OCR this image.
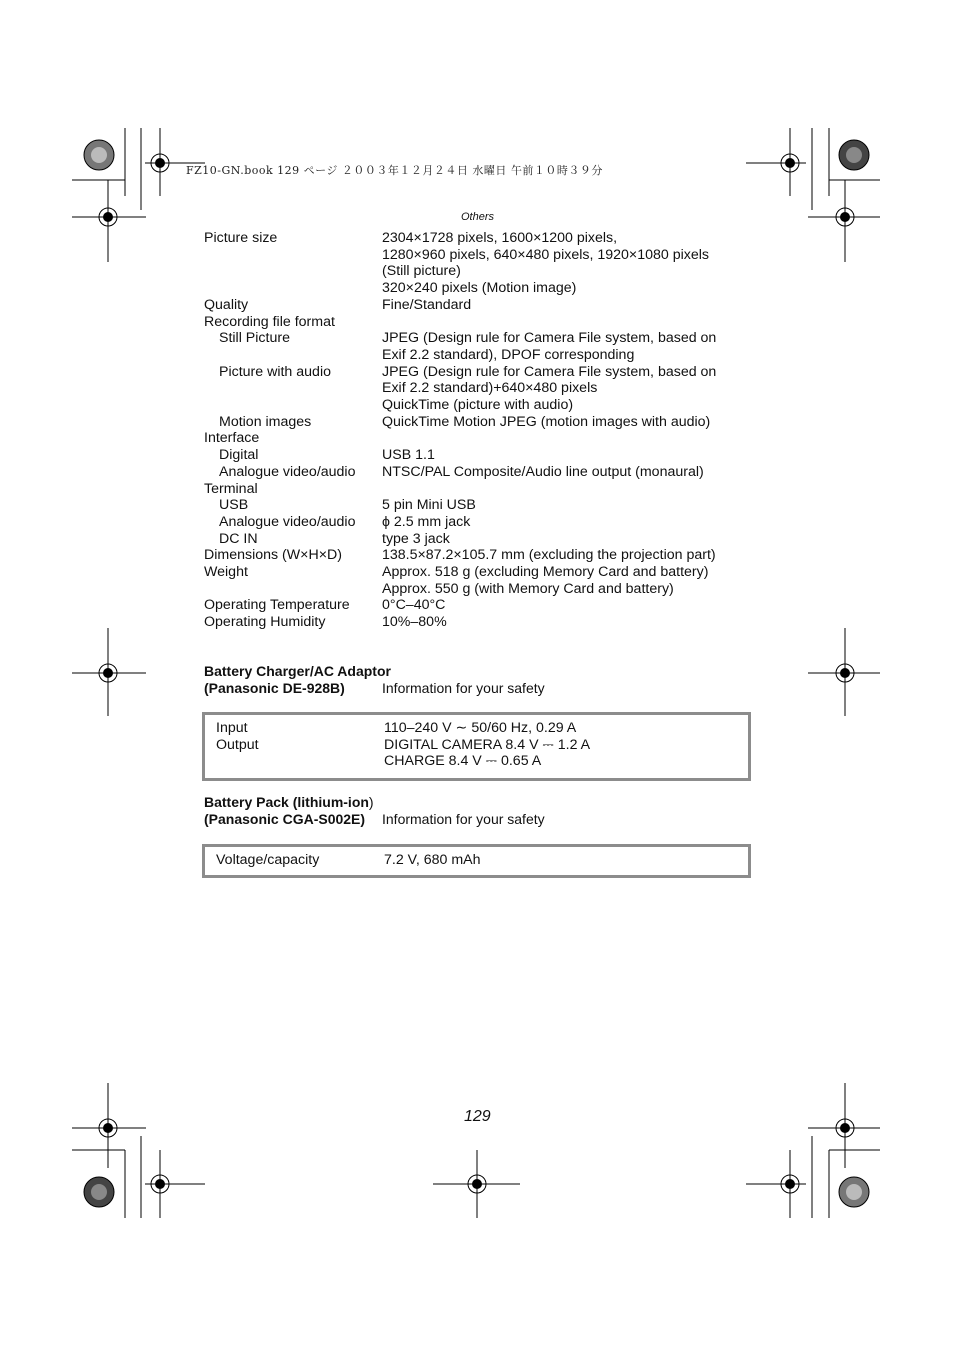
FZ10-GN.book 129 ページ ２００３年１２月２４日 水曜日 午前１０時３９分
Others
Picture size	2304×1728 pixels, 1600×1200 pixels,
1280×960 pixels, 640×480 pixels, 1920×1080 pixels
(Still picture)
320×240 pixels (Motion image)
Quality	Fine/Standard
Recording file format
Still Picture	JPEG (Design rule for Camera File system, based on
Exif 2.2 standard), DPOF corresponding
Picture with audio	JPEG (Design rule for Camera File system, based on
Exif 2.2 standard)+640×480 pixels
QuickTime (picture with audio)
Motion images	QuickTime Motion JPEG (motion images with audio)
Interface
Digital	USB 1.1
Analogue video/audio	NTSC/PAL Composite/Audio line output (monaural)
Terminal
USB	5 pin Mini USB
Analogue video/audio	ϕ 2.5 mm jack
DC IN	type 3 jack
Dimensions (W×H×D)	138.5×87.2×105.7 mm (excluding the projection part)
Weight	Approx. 518 g (excluding Memory Card and battery)
Approx. 550 g (with Memory Card and battery)
Operating Temperature	0°C–40°C
Operating Humidity	10%–80%
Battery Charger/AC Adaptor
(Panasonic DE-928B)	Information for your safety
Input	110–240 V ∼ 50/60 Hz, 0.29 A
Output	DIGITAL CAMERA 8.4 V ⎓ 1.2 A
CHARGE 8.4 V ⎓ 0.65 A
Battery Pack (lithium-ion)
(Panasonic CGA-S002E) Information for your safety
Voltage/capacity	7.2 V, 680 mAh
129
